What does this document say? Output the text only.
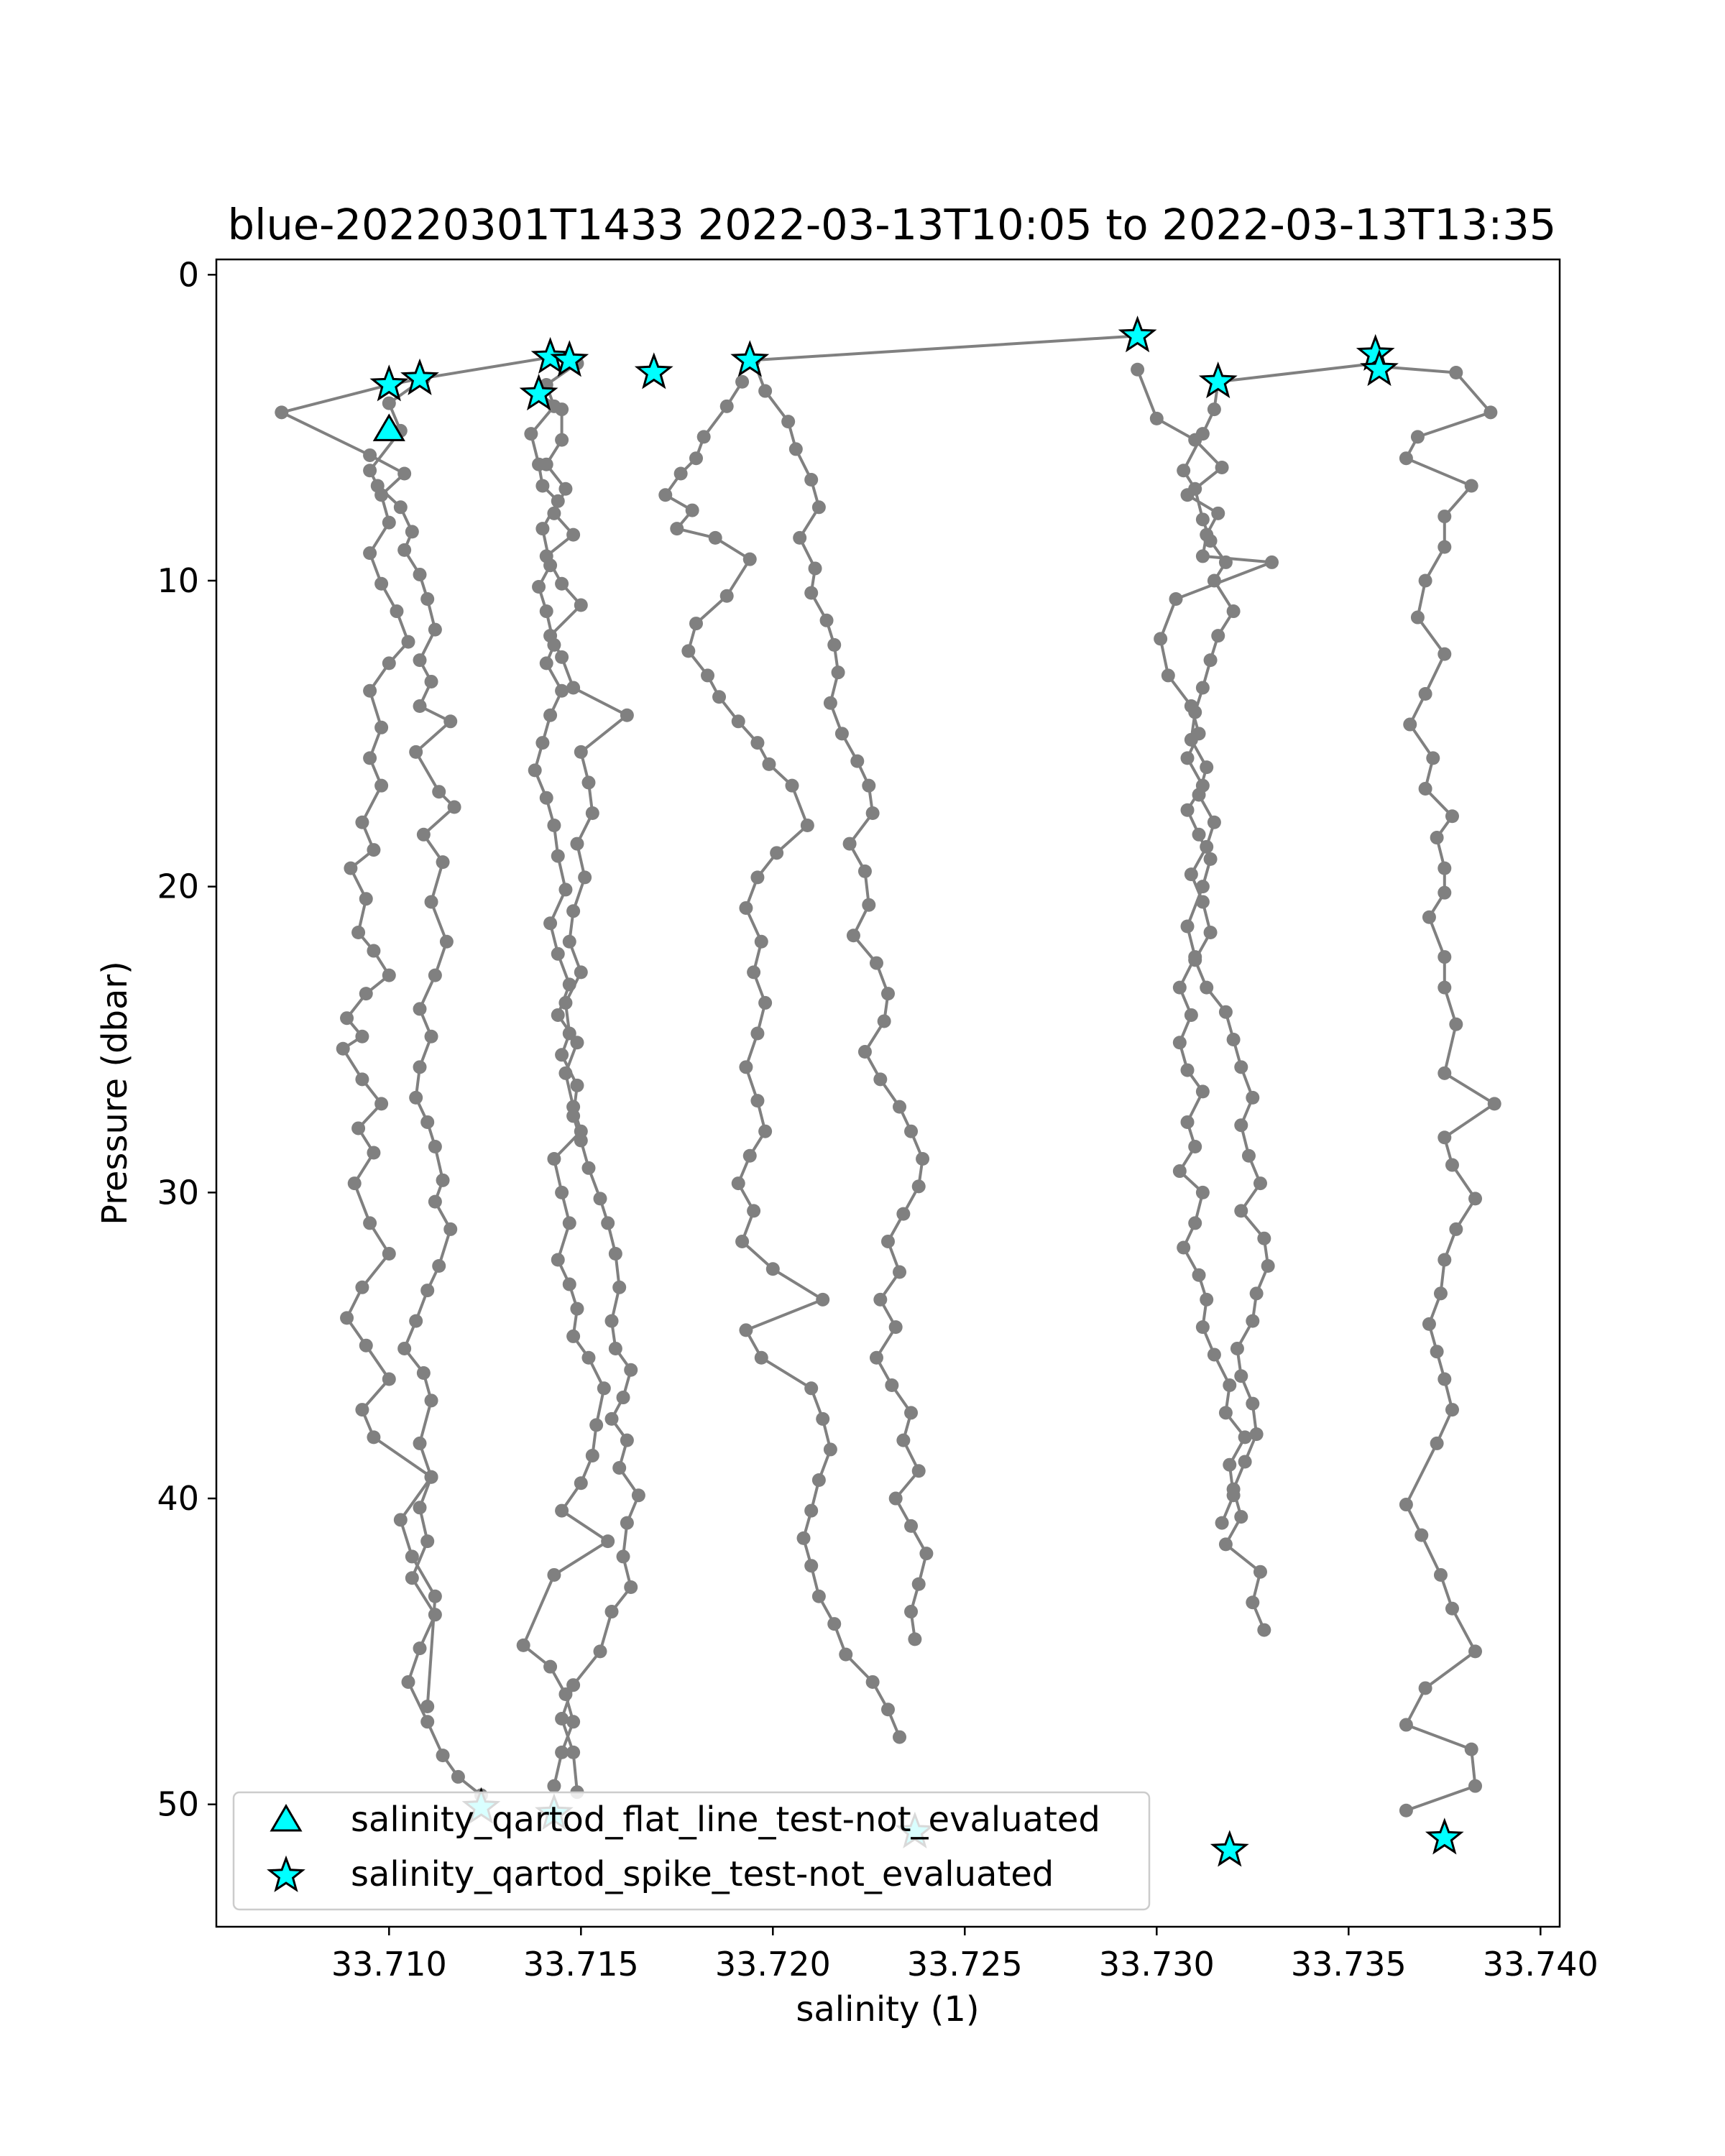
blue-20220301T1433 2022-03-13T10:05 to 2022-03-13T13:35
33.710 33.715 33.720 33.725 33.730 33.735 33.740
0
10
20
30
40
50
salinity (1)
Pressure (dbar)
salinity_qartod_flat_line_test-not_evaluated
salinity_qartod_spike_test-not_evaluated
